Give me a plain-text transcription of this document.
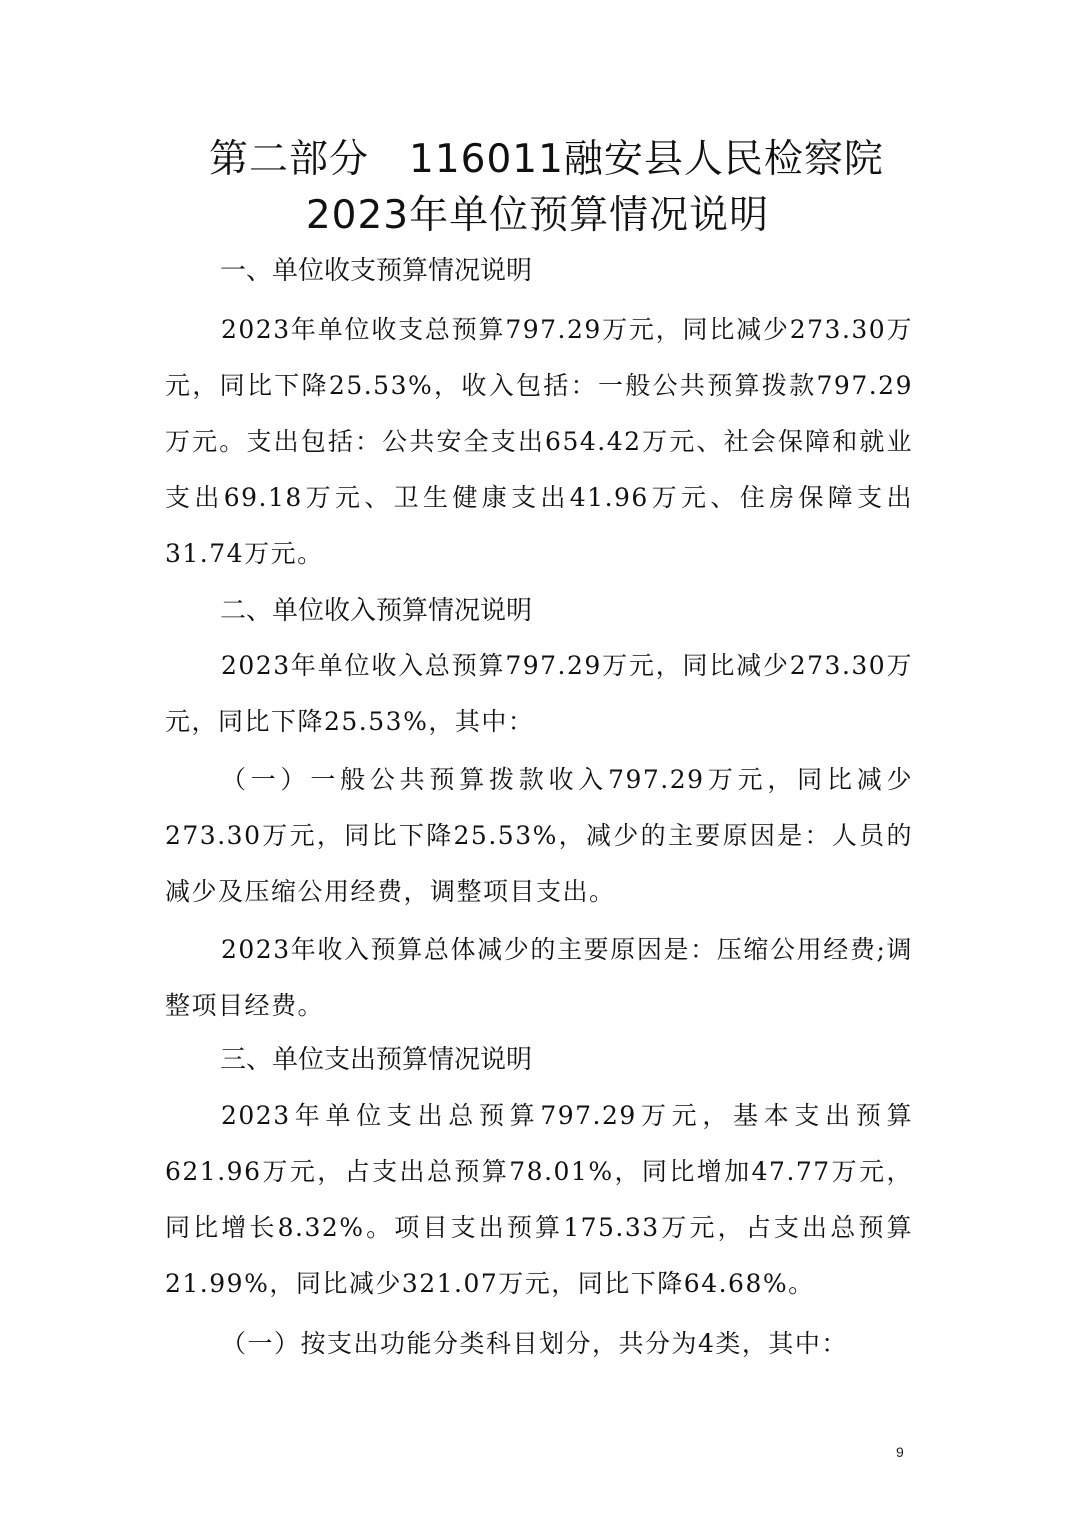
第二部分　116011融安县人民检察院
2023年单位预算情况说明
一、单位收支预算情况说明
2023年单位收支总预算797.29万元，同比减少273.30万元，同比下降25.53%，收入包括：一般公共预算拨款797.29万元。支出包括：公共安全支出654.42万元、社会保障和就业支出69.18万元、卫生健康支出41.96万元、住房保障支出31.74万元。
二、单位收入预算情况说明
2023年单位收入总预算797.29万元，同比减少273.30万元，同比下降25.53%，其中：
（一）一般公共预算拨款收入797.29万元，同比减少273.30万元，同比下降25.53%，减少的主要原因是：人员的减少及压缩公用经费，调整项目支出。
2023年收入预算总体减少的主要原因是：压缩公用经费;调整项目经费。
三、单位支出预算情况说明
2023年单位支出总预算797.29万元，基本支出预算621.96万元，占支出总预算78.01%，同比增加47.77万元，同比增长8.32%。项目支出预算175.33万元，占支出总预算21.99%，同比减少321.07万元，同比下降64.68%。
（一）按支出功能分类科目划分，共分为4类，其中：
9
